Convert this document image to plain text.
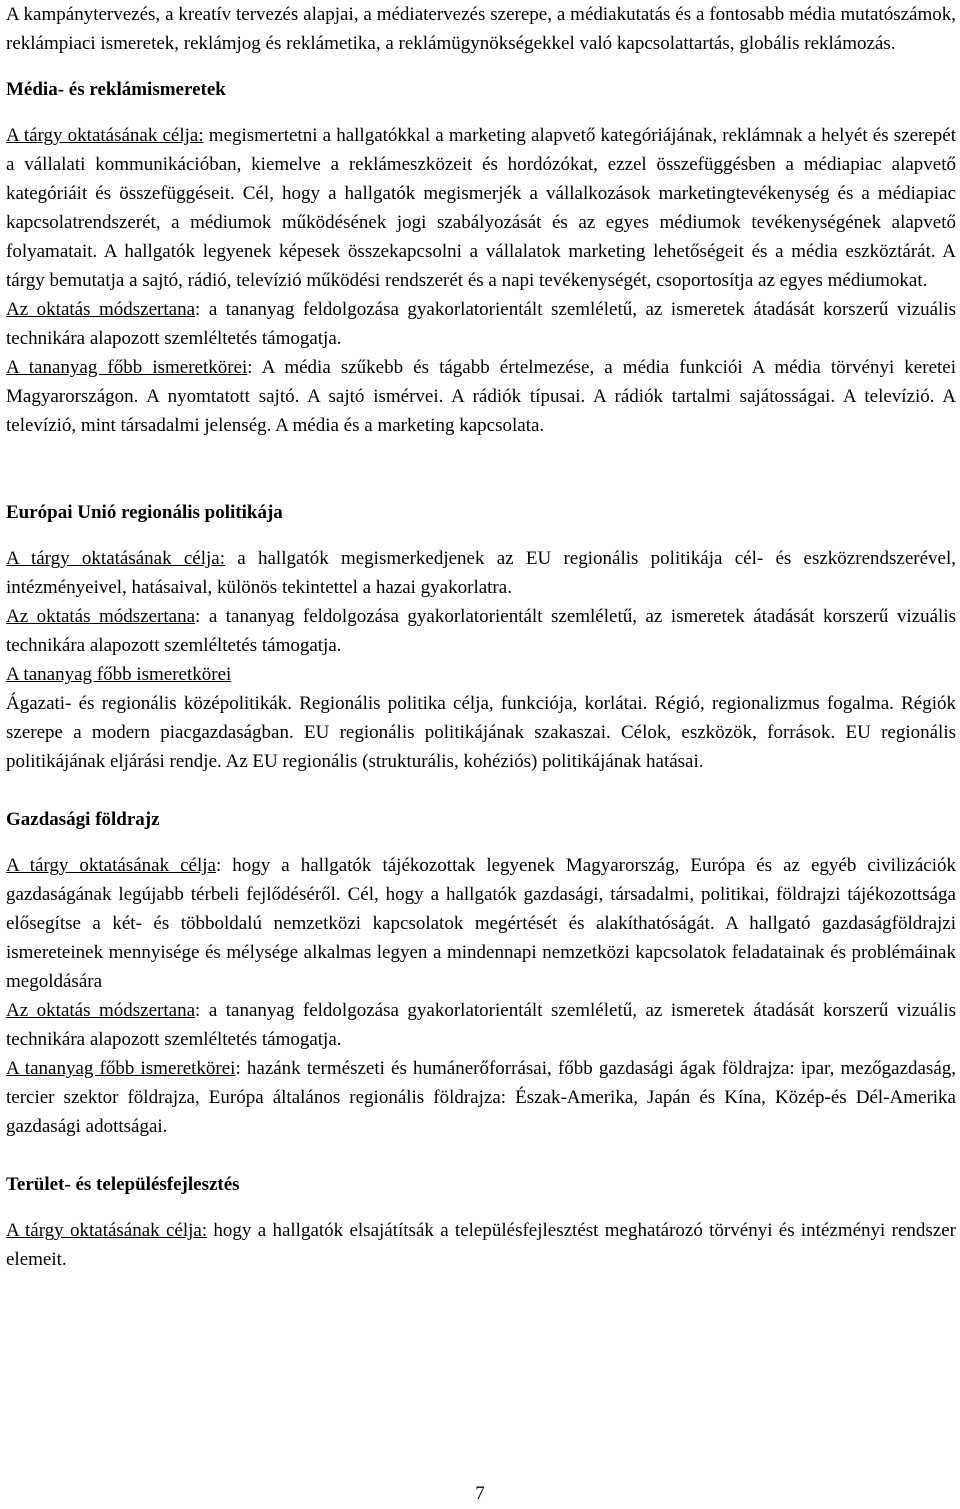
A kampánytervezés, a kreatív tervezés alapjai, a médiatervezés szerepe, a médiakutatás és a fontosabb média mutatószámok, reklámpiaci ismeretek, reklámjog és reklámetika, a reklámügynökségekkel való kapcsolattartás, globális reklámozás.

Média- és reklámismeretek

A tárgy oktatásának célja: megismertetni a hallgatókkal a marketing alapvető kategóriájának, reklámnak a helyét és szerepét a vállalati kommunikációban, kiemelve a reklámeszközeit és hordózókat, ezzel összefüggésben a médiapiac alapvető kategóriáit és összefüggéseit. Cél, hogy a hallgatók megismerjék a vállalkozások marketingtevékenység és a médiapiac kapcsolatrendszerét, a médiumok működésének jogi szabályozását és az egyes médiumok tevékenységének alapvető folyamatait. A hallgatók legyenek képesek összekapcsolni a vállalatok marketing lehetőségeit és a média eszköztárát. A tárgy bemutatja a sajtó, rádió, televízió működési rendszerét és a napi tevékenységét, csoportosítja az egyes médiumokat.

Az oktatás módszertana: a tananyag feldolgozása gyakorlatorientált szemléletű, az ismeretek átadását korszerű vizuális technikára alapozott szemléltetés támogatja.

A tananyag főbb ismeretkörei: A média szűkebb és tágabb értelmezése, a média funkciói A média törvényi keretei Magyarországon. A nyomtatott sajtó. A sajtó ismérvei. A rádiók típusai. A rádiók tartalmi sajátosságai. A televízió. A televízió, mint társadalmi jelenség. A média és a marketing kapcsolata.

Európai Unió regionális politikája

A tárgy oktatásának célja: a hallgatók megismerkedjenek az EU regionális politikája cél- és eszközrendszerével, intézményeivel, hatásaival, különös tekintettel a hazai gyakorlatra.

Az oktatás módszertana: a tananyag feldolgozása gyakorlatorientált szemléletű, az ismeretek átadását korszerű vizuális technikára alapozott szemléltetés támogatja.

A tananyag főbb ismeretkörei

Ágazati- és regionális középolitikák. Regionális politika célja, funkciója, korlátai. Régió, regionalizmus fogalma. Régiók szerepe a modern piacgazdaságban. EU regionális politikájának szakaszai. Célok, eszközök, források. EU regionális politikájának eljárási rendje. Az EU regionális (strukturális, kohéziós) politikájának hatásai.

Gazdasági földrajz

A tárgy oktatásának célja: hogy a hallgatók tájékozottak legyenek Magyarország, Európa és az egyéb civilizációk gazdaságának legújabb térbeli fejlődéséről. Cél, hogy a hallgatók gazdasági, társadalmi, politikai, földrajzi tájékozottsága elősegítse a két- és többoldalú nemzetközi kapcsolatok megértését és alakíthatóságát. A hallgató gazdaságföldrajzi ismereteinek mennyisége és mélysége alkalmas legyen a mindennapi nemzetközi kapcsolatok feladatainak és problémáinak megoldására

Az oktatás módszertana: a tananyag feldolgozása gyakorlatorientált szemléletű, az ismeretek átadását korszerű vizuális technikára alapozott szemléltetés támogatja.

A tananyag főbb ismeretkörei: hazánk természeti és humánerőforrásai, főbb gazdasági ágak földrajza: ipar, mezőgazdaság, tercier szektor földrajza, Európa általános regionális földrajza: Észak-Amerika, Japán és Kína, Közép-és Dél-Amerika gazdasági adottságai.

Terület- és településfejlesztés

A tárgy oktatásának célja: hogy a hallgatók elsajátítsák a településfejlesztést meghatározó törvényi és intézményi rendszer elemeit.

7
